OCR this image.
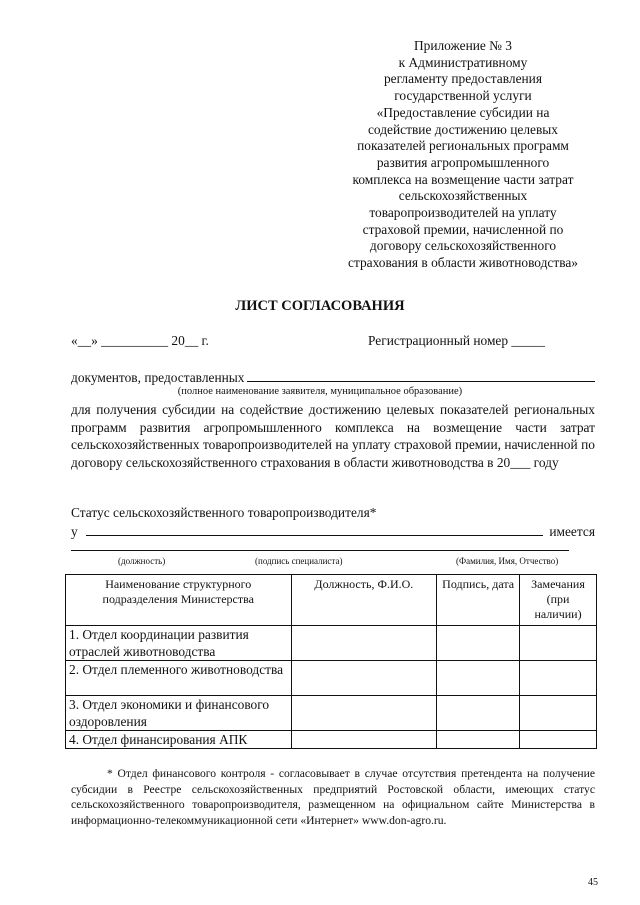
Приложение № 3
к Административному
регламенту предоставления
государственной услуги
«Предоставление субсидии на
содействие достижению целевых
показателей региональных программ
развития агропромышленного
комплекса на возмещение части затрат
сельскохозяйственных
товаропроизводителей на уплату
страховой премии, начисленной по
договору сельскохозяйственного
страхования в области животноводства»
ЛИСТ СОГЛАСОВАНИЯ
«__» __________ 20__ г.	Регистрационный номер _____
документов, предоставленных
(полное наименование заявителя, муниципальное образование)
для получения субсидии на содействие достижению целевых показателей региональных программ развития агропромышленного комплекса на возмещение части затрат сельскохозяйственных товаропроизводителей на уплату страховой премии, начисленной по договору сельскохозяйственного страхования в области животноводства в 20___ году
Статус сельскохозяйственного товаропроизводителя*
у	имеется
(должность)	(подпись специалиста)	(Фамилия, Имя, Отчество)
Наименование структурного подразделения Министерства	Должность, Ф.И.О.	Подпись, дата	Замечания (при наличии)
1. Отдел координации развития отраслей животноводства			
2. Отдел племенного животноводства			
3. Отдел экономики и финансового оздоровления			
4. Отдел финансирования АПК			
* Отдел финансового контроля - согласовывает в случае отсутствия претендента на получение субсидии в Реестре сельскохозяйственных предприятий Ростовской области, имеющих статус сельскохозяйственного товаропроизводителя, размещенном на официальном сайте Министерства в информационно-телекоммуникационной сети «Интернет» www.don-agro.ru.
45
